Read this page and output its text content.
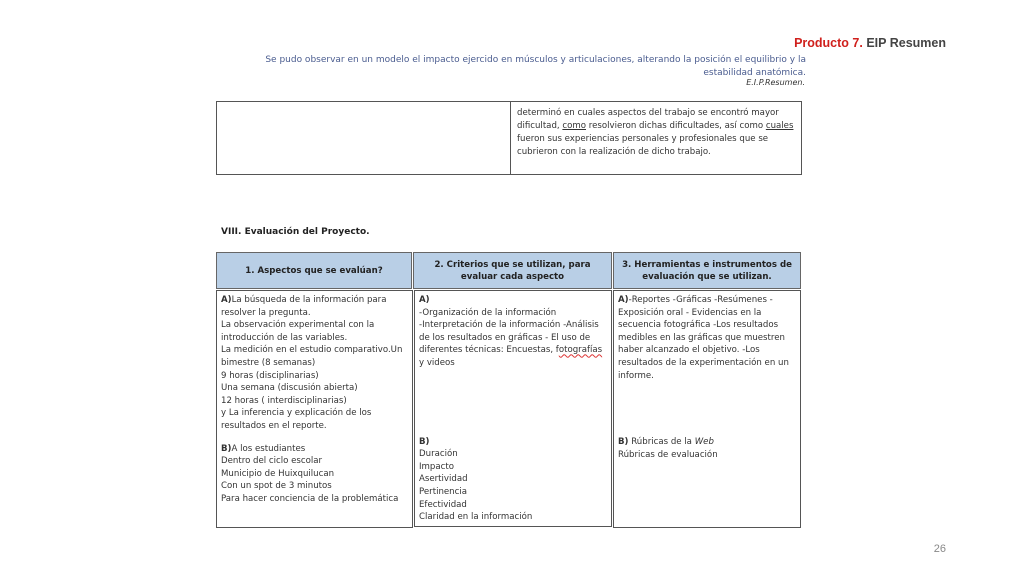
Producto 7. EIP Resumen
Se pudo observar en un modelo el impacto ejercido en músculos y articulaciones, alterando la posición el equilibrio y la
estabilidad anatómica.
E.I.P.Resumen.
determinó en cuales aspectos del trabajo se encontró mayor dificultad, como resolvieron dichas dificultades, así como cuales fueron sus experiencias personales y profesionales que se cubrieron con la realización de dicho trabajo.
VIII. Evaluación del Proyecto.
1. Aspectos que se evalúan?

A)La búsqueda de la información para resolver la pregunta.

La observación experimental con la introducción de las variables.

La medición en el estudio comparativo.Un bimestre (8 semanas)

9 horas (disciplinarias)

Una semana (discusión abierta)

12 horas ( interdisciplinarias)

y La inferencia y explicación de los resultados en el reporte.

B)A los estudiantes

Dentro del ciclo escolar

Municipio de Huixquilucan

Con un spot de 3 minutos

Para hacer conciencia de la problemática

2. Criterios que se utilizan, para evaluar cada aspecto

A)

-Organización de la información

-Interpretación de la información -Análisis de los resultados en gráficas - El uso de diferentes técnicas: Encuestas, fotografías y videos

B)

Duración

Impacto

Asertividad

Pertinencia

Efectividad

Claridad en la información

3. Herramientas e instrumentos de evaluación que se utilizan.

A)-Reportes -Gráficas -Resúmenes -Exposición oral - Evidencias en la secuencia fotográfica -Los resultados medibles en las gráficas que muestren haber alcanzado el objetivo. -Los resultados de la experimentación en un informe.

B) Rúbricas de la Web

Rúbricas de evaluación

26
